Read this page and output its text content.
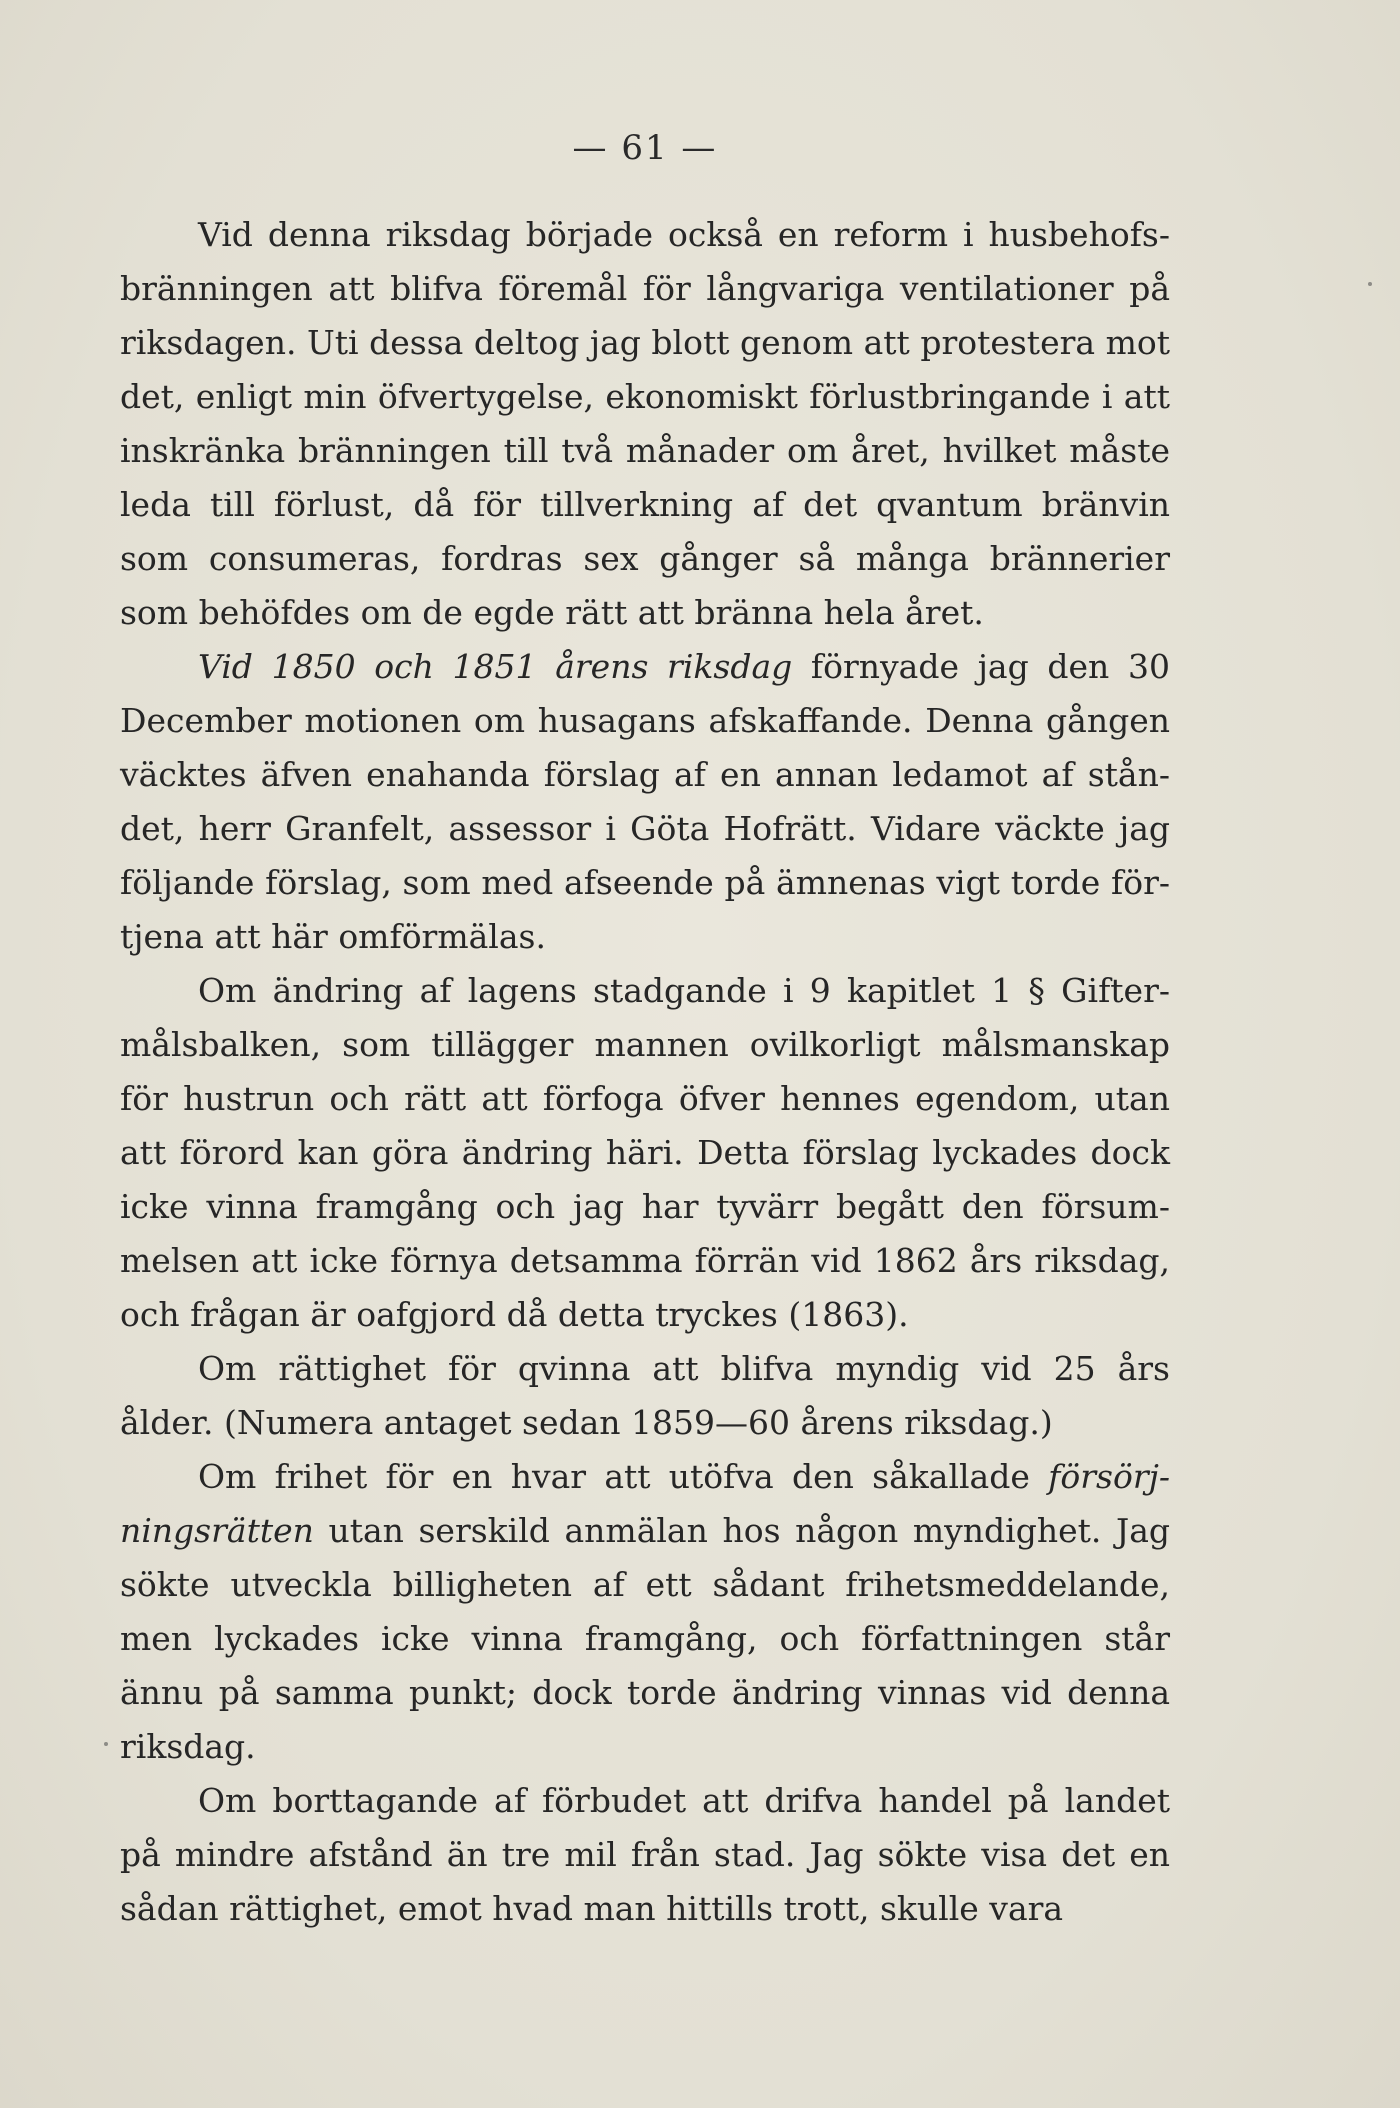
— 61 —

Vid denna riksdag började också en reform i husbehofsbränningen att blifva föremål för långvariga ventilationer på riksdagen. Uti dessa deltog jag blott genom att protestera mot det, enligt min öfvertygelse, ekonomiskt förlustbringande i att inskränka bränningen till två månader om året, hvilket måste leda till förlust, då för tillverkning af det qvantum bränvin som consumeras, fordras sex gånger så många brännerier som behöfdes om de egde rätt att bränna hela året.

Vid 1850 och 1851 årens riksdag förnyade jag den 30 December motionen om husagans afskaffande. Denna gången väcktes äfven enahanda förslag af en annan ledamot af ståndet, herr Granfelt, assessor i Göta Hofrätt. Vidare väckte jag följande förslag, som med afseende på ämnenas vigt torde förtjena att här omförmälas.

Om ändring af lagens stadgande i 9 kapitlet 1 § Giftermålsbalken, som tillägger mannen ovilkorligt målsmanskap för hustrun och rätt att förfoga öfver hennes egendom, utan att förord kan göra ändring häri. Detta förslag lyckades dock icke vinna framgång och jag har tyvärr begått den försummelsen att icke förnya detsamma förrän vid 1862 års riksdag, och frågan är oafgjord då detta tryckes (1863).

Om rättighet för qvinna att blifva myndig vid 25 års ålder. (Numera antaget sedan 1859—60 årens riksdag.)

Om frihet för en hvar att utöfva den såkallade försörjningsrätten utan serskild anmälan hos någon myndighet. Jag sökte utveckla billigheten af ett sådant frihetsmeddelande, men lyckades icke vinna framgång, och författningen står ännu på samma punkt; dock torde ändring vinnas vid denna riksdag.

Om borttagande af förbudet att drifva handel på landet på mindre afstånd än tre mil från stad. Jag sökte visa det en sådan rättighet, emot hvad man hittills trott, skulle vara
